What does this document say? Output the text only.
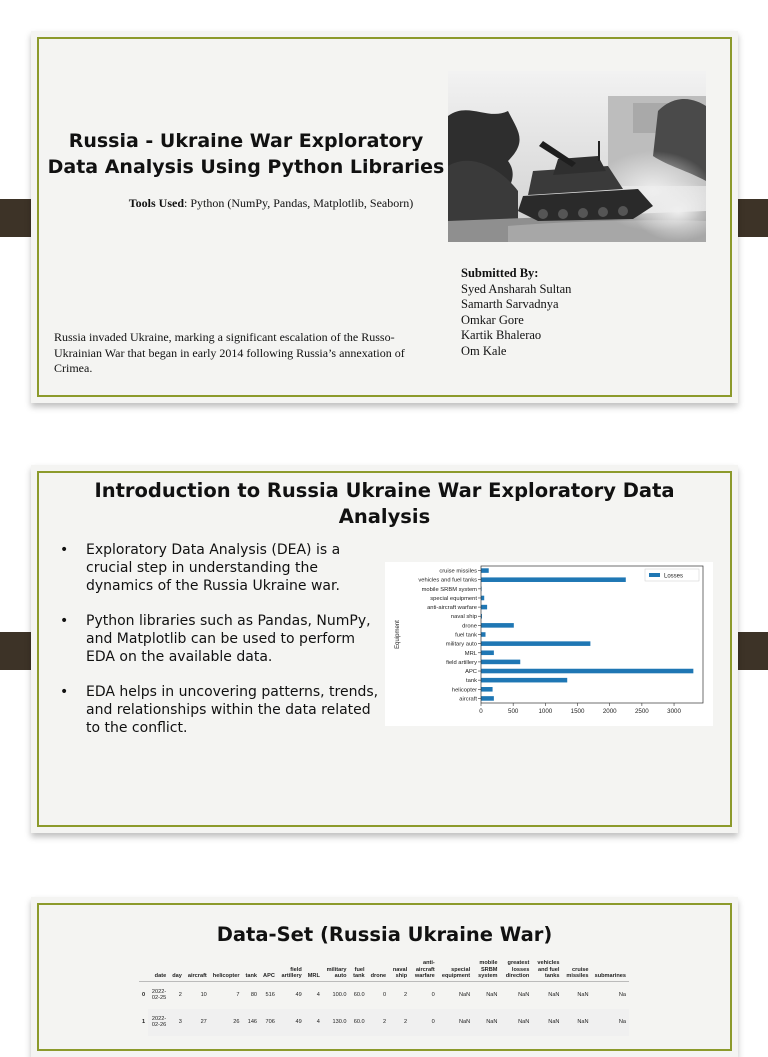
Russia - Ukraine War Exploratory Data Analysis Using Python Libraries
Tools Used: Python (NumPy, Pandas, Matplotlib, Seaborn)
Submitted By:
Syed Ansharah Sultan
Samarth Sarvadnya
Omkar Gore
Kartik Bhalerao
Om Kale
Russia invaded Ukraine, marking a significant escalation of the Russo-Ukrainian War that began in early 2014 following Russia’s annexation of Crimea.
Introduction to Russia Ukraine War Exploratory Data Analysis
• Exploratory Data Analysis (DEA) is a crucial step in understanding the dynamics of the Russia Ukraine war.
• Python libraries such as Pandas, NumPy, and Matplotlib can be used to perform EDA on the available data.
• EDA helps in uncovering patterns, trends, and relationships within the data related to the conflict.
aircraft
helicopter
tank
APC
field artillery
MRL
military auto
fuel tank
drone
naval ship
anti-aircraft warfare
special equipment
mobile SRBM system
vehicles and fuel tanks
cruise missiles
0	500	1000	1500	2000	2500	3000
Equipment
Losses
Data-Set (Russia Ukraine War)
	date	day	aircraft	helicopter	tank	APC	field artillery	MRL	military auto	fuel tank	drone	naval ship	anti-aircraft warfare	special equipment	mobile SRBM system	greatest losses direction	vehicles and fuel tanks	cruise missiles	submarines
0	2022-02-25	2	10	7	80	516	49	4	100.0	60.0	0	2	0	NaN	NaN	NaN	NaN	NaN	Na
1	2022-02-26	3	27	26	146	706	49	4	130.0	60.0	2	2	0	NaN	NaN	NaN	NaN	NaN	Na
